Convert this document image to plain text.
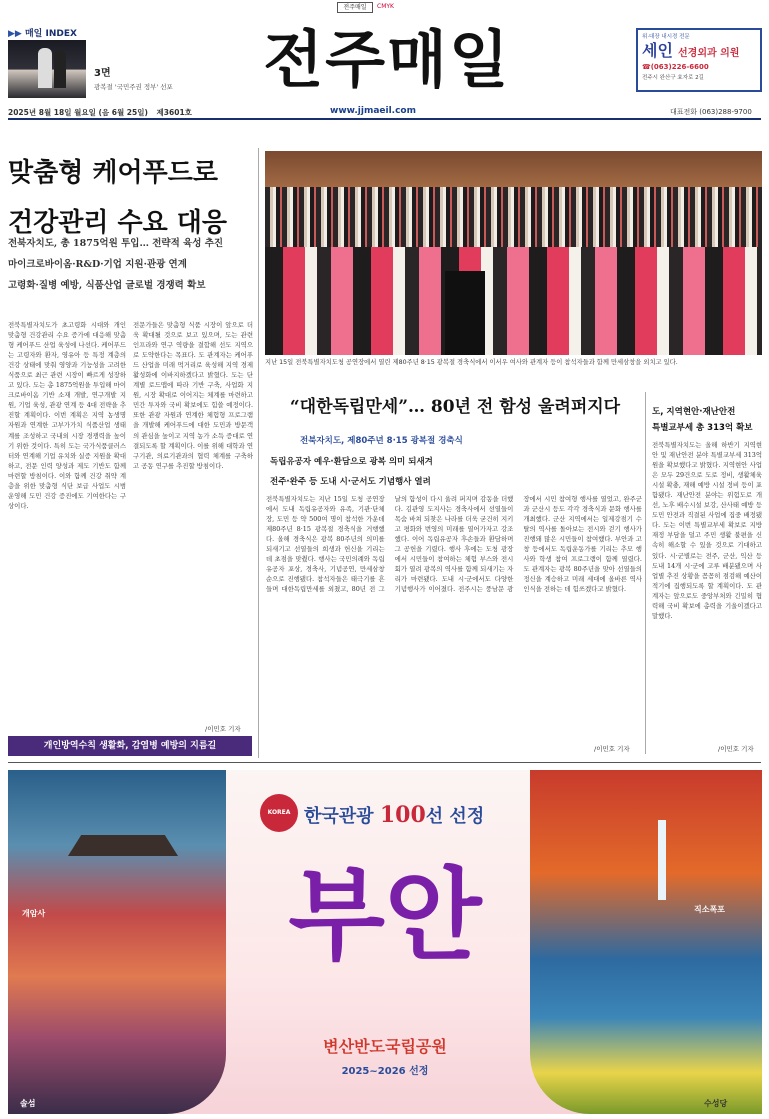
전주매일	CMYK
▶▶ 매일 INDEX
3면
광복절 '국민주권 정부' 선포 전주매일
www.jjmaeil.com
2025년 8월 18일 월요일 (음 6월 25일) 제3601호	대표전화 (063)288-9700
위·대장 내시경 전문
세인 선경외과 의원
☎(063)226-6600
전주시 완산구 효자로 2길
맞춤형 케어푸드로
건강관리 수요 대응
전북자치도, 총 1875억원 투입… 전략적 육성 추진
마이크로바이옴·R&D·기업 지원·관광 연계
고령화·질병 예방, 식품산업 글로벌 경쟁력 확보
전북특별자치도가 초고령화 시대와 개인 맞춤형 건강관리 수요 증가에 대응해 맞춤형 케어푸드 산업 육성에 나선다. 케어푸드는 고령자와 환자, 영유아 등 특정 계층의 건강 상태에 맞춰 영양과 기능성을 고려한 식품으로 최근 관련 시장이 빠르게 성장하고 있다. 도는 총 1875억원을 투입해 마이크로바이옴 기반 소재 개발, 연구개발 지원, 기업 육성, 관광 연계 등 4대 전략을 추진할 계획이다. 이번 계획은 지역 농생명 자원과 연계한 고부가가치 식품산업 생태계를 조성하고 국내외 시장 경쟁력을 높이기 위한 것이다. 특히 도는 국가식품클러스터와 연계해 기업 유치와 실증 지원을 확대하고, 전문 인력 양성과 제도 기반도 함께 마련할 방침이다. 이와 함께 건강 취약 계층을 위한 맞춤형 식단 보급 사업도 시범 운영해 도민 건강 증진에도 기여한다는 구상이다.
전문가들은 맞춤형 식품 시장이 앞으로 더욱 확대될 것으로 보고 있으며, 도는 관련 인프라와 연구 역량을 결합해 선도 지역으로 도약한다는 목표다. 도 관계자는 케어푸드 산업을 미래 먹거리로 육성해 지역 경제 활성화에 이바지하겠다고 밝혔다. 도는 단계별 로드맵에 따라 기반 구축, 사업화 지원, 시장 확대로 이어지는 체계를 마련하고 민간 투자와 국비 확보에도 힘쓸 예정이다. 또한 관광 자원과 연계한 체험형 프로그램을 개발해 케어푸드에 대한 도민과 방문객의 관심을 높이고 지역 농가 소득 증대로 연결되도록 할 계획이다. 이를 위해 대학과 연구기관, 의료기관과의 협력 체계를 구축하고 공동 연구를 추진할 방침이다.
/이민호 기자
개인방역수칙 생활화, 감염병 예방의 지름길
지난 15일 전북특별자치도청 공연장에서 열린 제80주년 8·15 광복절 경축식에서 이서우 여사와 관계자 등이 참석자들과 함께 만세삼창을 외치고 있다.
“대한독립만세”… 80년 전 함성 울려퍼지다
전북자치도, 제80주년 8·15 광복절 경축식
독립유공자 예우·환담으로 광복 의미 되새겨
전주·완주 등 도내 시·군서도 기념행사 열려
전북특별자치도는 지난 15일 도청 공연장에서 도내 독립유공자와 유족, 기관·단체장, 도민 등 약 500여 명이 참석한 가운데 제80주년 8·15 광복절 경축식을 거행했다. 올해 경축식은 광복 80주년의 의미를 되새기고 선열들의 희생과 헌신을 기리는 데 초점을 맞췄다. 행사는 국민의례와 독립유공자 포상, 경축사, 기념공연, 만세삼창 순으로 진행됐다. 참석자들은 태극기를 흔들며 대한독립만세를 외쳤고, 80년 전 그날의 함성이 다시 울려 퍼지며 감동을 더했다. 김관영 도지사는 경축사에서 선열들이 목숨 바쳐 되찾은 나라를 더욱 굳건히 지키고 평화와 번영의 미래를 열어가자고 강조했다. 이어 독립유공자 후손들과 환담하며 그 공헌을 기렸다. 행사 후에는 도청 광장에서 시민들이 참여하는 체험 부스와 전시회가 열려 광복의 역사를 함께 되새기는 자리가 마련됐다. 도내 시·군에서도 다양한 기념행사가 이어졌다. 전주시는 풍남문 광장에서 시민 참여형 행사를 열었고, 완주군과 군산시 등도 각각 경축식과 문화 행사를 개최했다. 군산 지역에서는 일제강점기 수탈의 역사를 돌아보는 전시와 걷기 행사가 진행돼 많은 시민들이 참여했다. 부안과 고창 등에서도 독립운동가를 기리는 추모 행사와 학생 참여 프로그램이 함께 열렸다. 도 관계자는 광복 80주년을 맞아 선열들의 정신을 계승하고 미래 세대에 올바른 역사 인식을 전하는 데 힘쓰겠다고 밝혔다.
/이민호 기자
도, 지역현안·재난안전
특별교부세 총 313억 확보
전북특별자치도는 올해 하반기 지역현안 및 재난안전 분야 특별교부세 313억원을 확보했다고 밝혔다. 지역현안 사업은 모두 29건으로 도로 정비, 생활체육시설 확충, 재해 예방 시설 정비 등이 포함됐다. 재난안전 분야는 위험도로 개선, 노후 배수시설 보강, 산사태 예방 등 도민 안전과 직결된 사업에 집중 배정됐다. 도는 이번 특별교부세 확보로 지방재정 부담을 덜고 주민 생활 불편을 신속히 해소할 수 있을 것으로 기대하고 있다. 시·군별로는 전주, 군산, 익산 등 도내 14개 시·군에 고루 배분됐으며 사업별 추진 상황을 꼼꼼히 점검해 예산이 적기에 집행되도록 할 계획이다. 도 관계자는 앞으로도 중앙부처와 긴밀히 협력해 국비 확보에 총력을 기울이겠다고 말했다.
/이민호 기자
KOREA 한국관광 100선 선정
부안
변산반도국립공원
2025~2026 선정
개암사
솔섬
직소폭포
수성당
